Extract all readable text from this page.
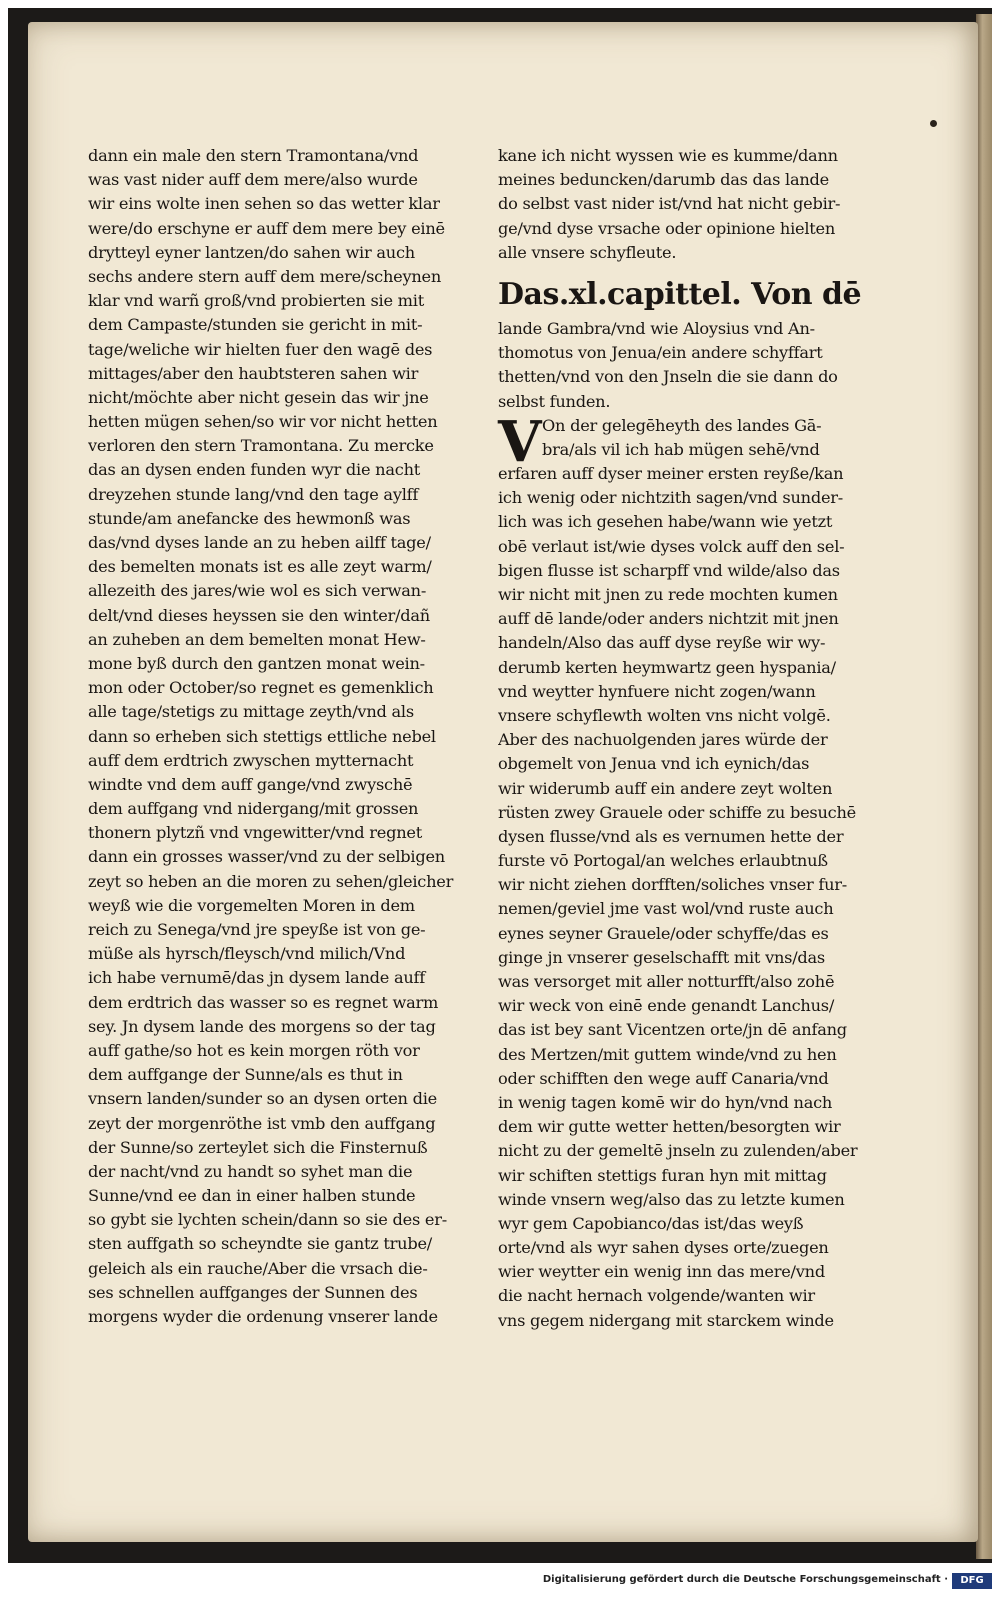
dann ein male den stern Tramontana/vnd
was vast nider auff dem mere/also wurde
wir eins wolte inen sehen so das wetter klar
were/do erschyne er auff dem mere bey einē
drytteyl eyner lantzen/do sahen wir auch
sechs andere stern auff dem mere/scheynen
klar vnd warñ groß/vnd probierten sie mit
dem Campaste/stunden sie gericht in mit-
tage/weliche wir hielten fuer den wagē des
mittages/aber den haubtsteren sahen wir
nicht/möchte aber nicht gesein das wir jne
hetten mügen sehen/so wir vor nicht hetten
verloren den stern Tramontana. Zu mercke
das an dysen enden funden wyr die nacht
dreyzehen stunde lang/vnd den tage aylff
stunde/am anefancke des hewmonß was
das/vnd dyses lande an zu heben ailff tage/
des bemelten monats ist es alle zeyt warm/
allezeith des jares/wie wol es sich verwan-
delt/vnd dieses heyssen sie den winter/dañ
an zuheben an dem bemelten monat Hew-
mone byß durch den gantzen monat wein-
mon oder October/so regnet es gemenklich
alle tage/stetigs zu mittage zeyth/vnd als
dann so erheben sich stettigs ettliche nebel
auff dem erdtrich zwyschen mytternacht
windte vnd dem auff gange/vnd zwyschē
dem auffgang vnd nidergang/mit grossen
thonern plytzñ vnd vngewitter/vnd regnet
dann ein grosses wasser/vnd zu der selbigen
zeyt so heben an die moren zu sehen/gleicher
weyß wie die vorgemelten Moren in dem
reich zu Senega/vnd jre speyße ist von ge-
müße als hyrsch/fleysch/vnd milich/Vnd
ich habe vernumē/das jn dysem lande auff
dem erdtrich das wasser so es regnet warm
sey. Jn dysem lande des morgens so der tag
auff gathe/so hot es kein morgen röth vor
dem auffgange der Sunne/als es thut in
vnsern landen/sunder so an dysen orten die
zeyt der morgenröthe ist vmb den auffgang
der Sunne/so zerteylet sich die Finsternuß
der nacht/vnd zu handt so syhet man die
Sunne/vnd ee dan in einer halben stunde
so gybt sie lychten schein/dann so sie des er-
sten auffgath so scheyndte sie gantz trube/
geleich als ein rauche/Aber die vrsach die-
ses schnellen auffganges der Sunnen des
morgens wyder die ordenung vnserer lande
kane ich nicht wyssen wie es kumme/dann
meines beduncken/darumb das das lande
do selbst vast nider ist/vnd hat nicht gebir-
ge/vnd dyse vrsache oder opinione hielten
alle vnsere schyfleute.
Das.xl.capittel. Von dē
lande Gambra/vnd wie Aloysius vnd An-
thomotus von Jenua/ein andere schyffart
thetten/vnd von den Jnseln die sie dann do
selbst funden.
V On der gelegēheyth des landes Gā-
bra/als vil ich hab mügen sehē/vnd
erfaren auff dyser meiner ersten reyße/kan
ich wenig oder nichtzith sagen/vnd sunder-
lich was ich gesehen habe/wann wie yetzt
obē verlaut ist/wie dyses volck auff den sel-
bigen flusse ist scharpff vnd wilde/also das
wir nicht mit jnen zu rede mochten kumen
auff dē lande/oder anders nichtzit mit jnen
handeln/Also das auff dyse reyße wir wy-
derumb kerten heymwartz geen hyspania/
vnd weytter hynfuere nicht zogen/wann
vnsere schyflewth wolten vns nicht volgē.
Aber des nachuolgenden jares würde der
obgemelt von Jenua vnd ich eynich/das
wir widerumb auff ein andere zeyt wolten
rüsten zwey Grauele oder schiffe zu besuchē
dysen flusse/vnd als es vernumen hette der
furste vō Portogal/an welches erlaubtnuß
wir nicht ziehen dorfften/soliches vnser fur-
nemen/geviel jme vast wol/vnd ruste auch
eynes seyner Grauele/oder schyffe/das es
ginge jn vnserer geselschafft mit vns/das
was versorget mit aller notturfft/also zohē
wir weck von einē ende genandt Lanchus/
das ist bey sant Vicentzen orte/jn dē anfang
des Mertzen/mit guttem winde/vnd zu hen
oder schifften den wege auff Canaria/vnd
in wenig tagen komē wir do hyn/vnd nach
dem wir gutte wetter hetten/besorgten wir
nicht zu der gemeltē jnseln zu zulenden/aber
wir schiften stettigs furan hyn mit mittag
winde vnsern weg/also das zu letzte kumen
wyr gem Capobianco/das ist/das weyß
orte/vnd als wyr sahen dyses orte/zuegen
wier weytter ein wenig inn das mere/vnd
die nacht hernach volgende/wanten wir
vns gegem nidergang mit starckem winde
Digitalisierung gefördert durch die Deutsche Forschungsgemeinschaft ·	DFG
